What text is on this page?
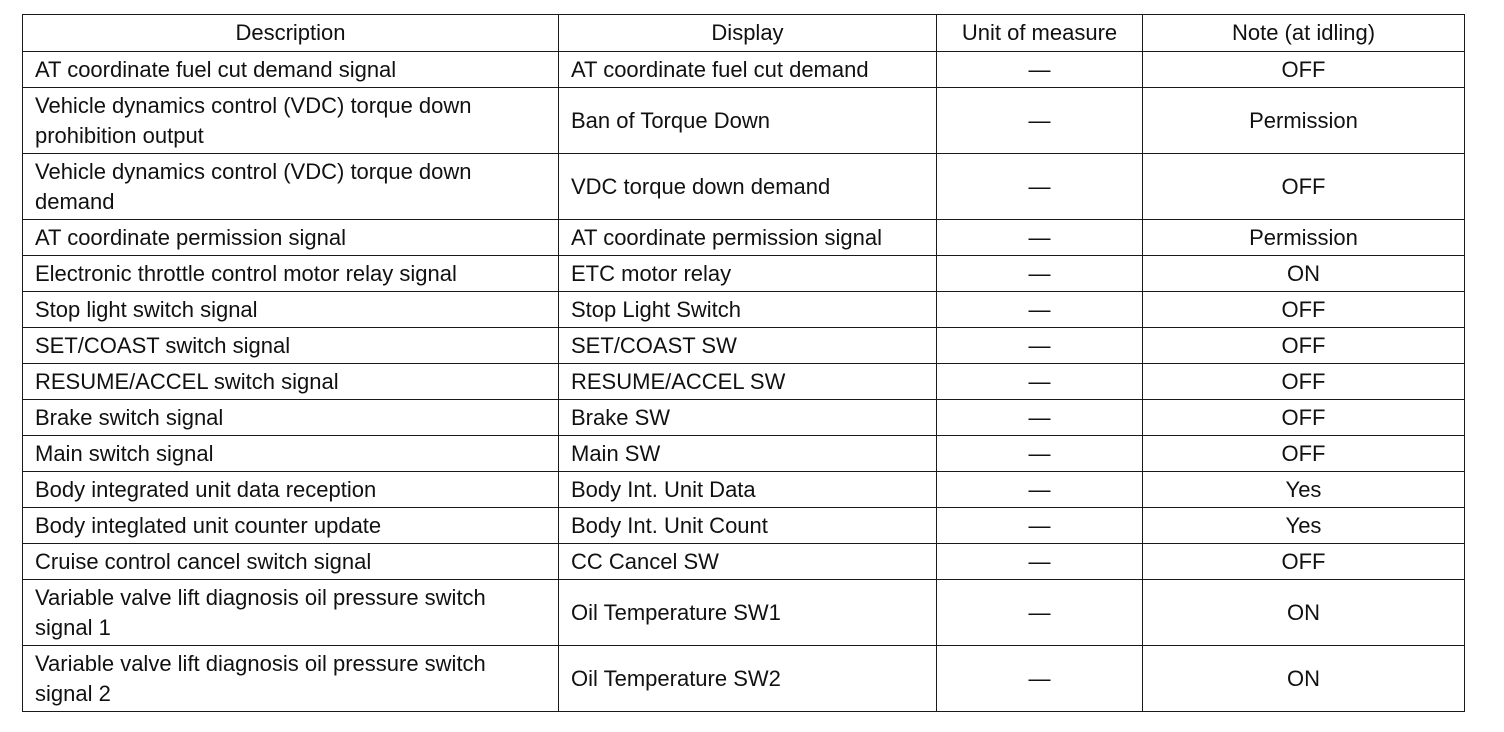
Description	Display	Unit of measure	Note (at idling)
AT coordinate fuel cut demand signal	AT coordinate fuel cut demand	—	OFF
Vehicle dynamics control (VDC) torque down prohibition output	Ban of Torque Down	—	Permission
Vehicle dynamics control (VDC) torque down demand	VDC torque down demand	—	OFF
AT coordinate permission signal	AT coordinate permission signal	—	Permission
Electronic throttle control motor relay signal	ETC motor relay	—	ON
Stop light switch signal	Stop Light Switch	—	OFF
SET/COAST switch signal	SET/COAST SW	—	OFF
RESUME/ACCEL switch signal	RESUME/ACCEL SW	—	OFF
Brake switch signal	Brake SW	—	OFF
Main switch signal	Main SW	—	OFF
Body integrated unit data reception	Body Int. Unit Data	—	Yes
Body integlated unit counter update	Body Int. Unit Count	—	Yes
Cruise control cancel switch signal	CC Cancel SW	—	OFF
Variable valve lift diagnosis oil pressure switch signal 1	Oil Temperature SW1	—	ON
Variable valve lift diagnosis oil pressure switch signal 2	Oil Temperature SW2	—	ON
